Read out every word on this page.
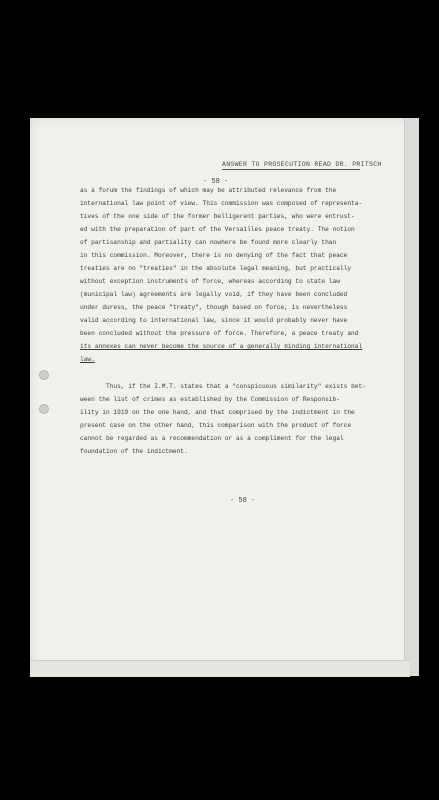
ANSWER TO PROSECUTION READ DR. PRITSCH
- 58 -
as a forum the findings of which may be attributed relevance from the
international law point of view. This commission was composed of representa-
tives of the one side of the former belligerent parties, who were entrust-
ed with the preparation of part of the Versailles peace treaty. The notion
of partisanship and partiality can nowhere be found more clearly than
in this commission. Moreover, there is no denying of the fact that peace
treaties are no "treaties" in the absolute legal meaning, but practically
without exception instruments of force, whereas according to state law
(municipal law) agreements are legally void, if they have been concluded
under duress, the peace "treaty", though based on force, is nevertheless
valid according to international law, since it would probably never have
been concluded without the pressure of force. Therefore, a peace treaty and
its annexes can never become the source of a generally binding international
law.
Thus, if the I.M.T. states that a "conspicuous similarity" exists bet-
ween the list of crimes as established by the Commission of Responsib-
ility in 1919 on the one hand, and that comprised by the indictment in the
present case on the other hand, this comparison with the product of force
cannot be regarded as a recommendation or as a compliment for the legal
foundation of the indictment.
- 58 -
